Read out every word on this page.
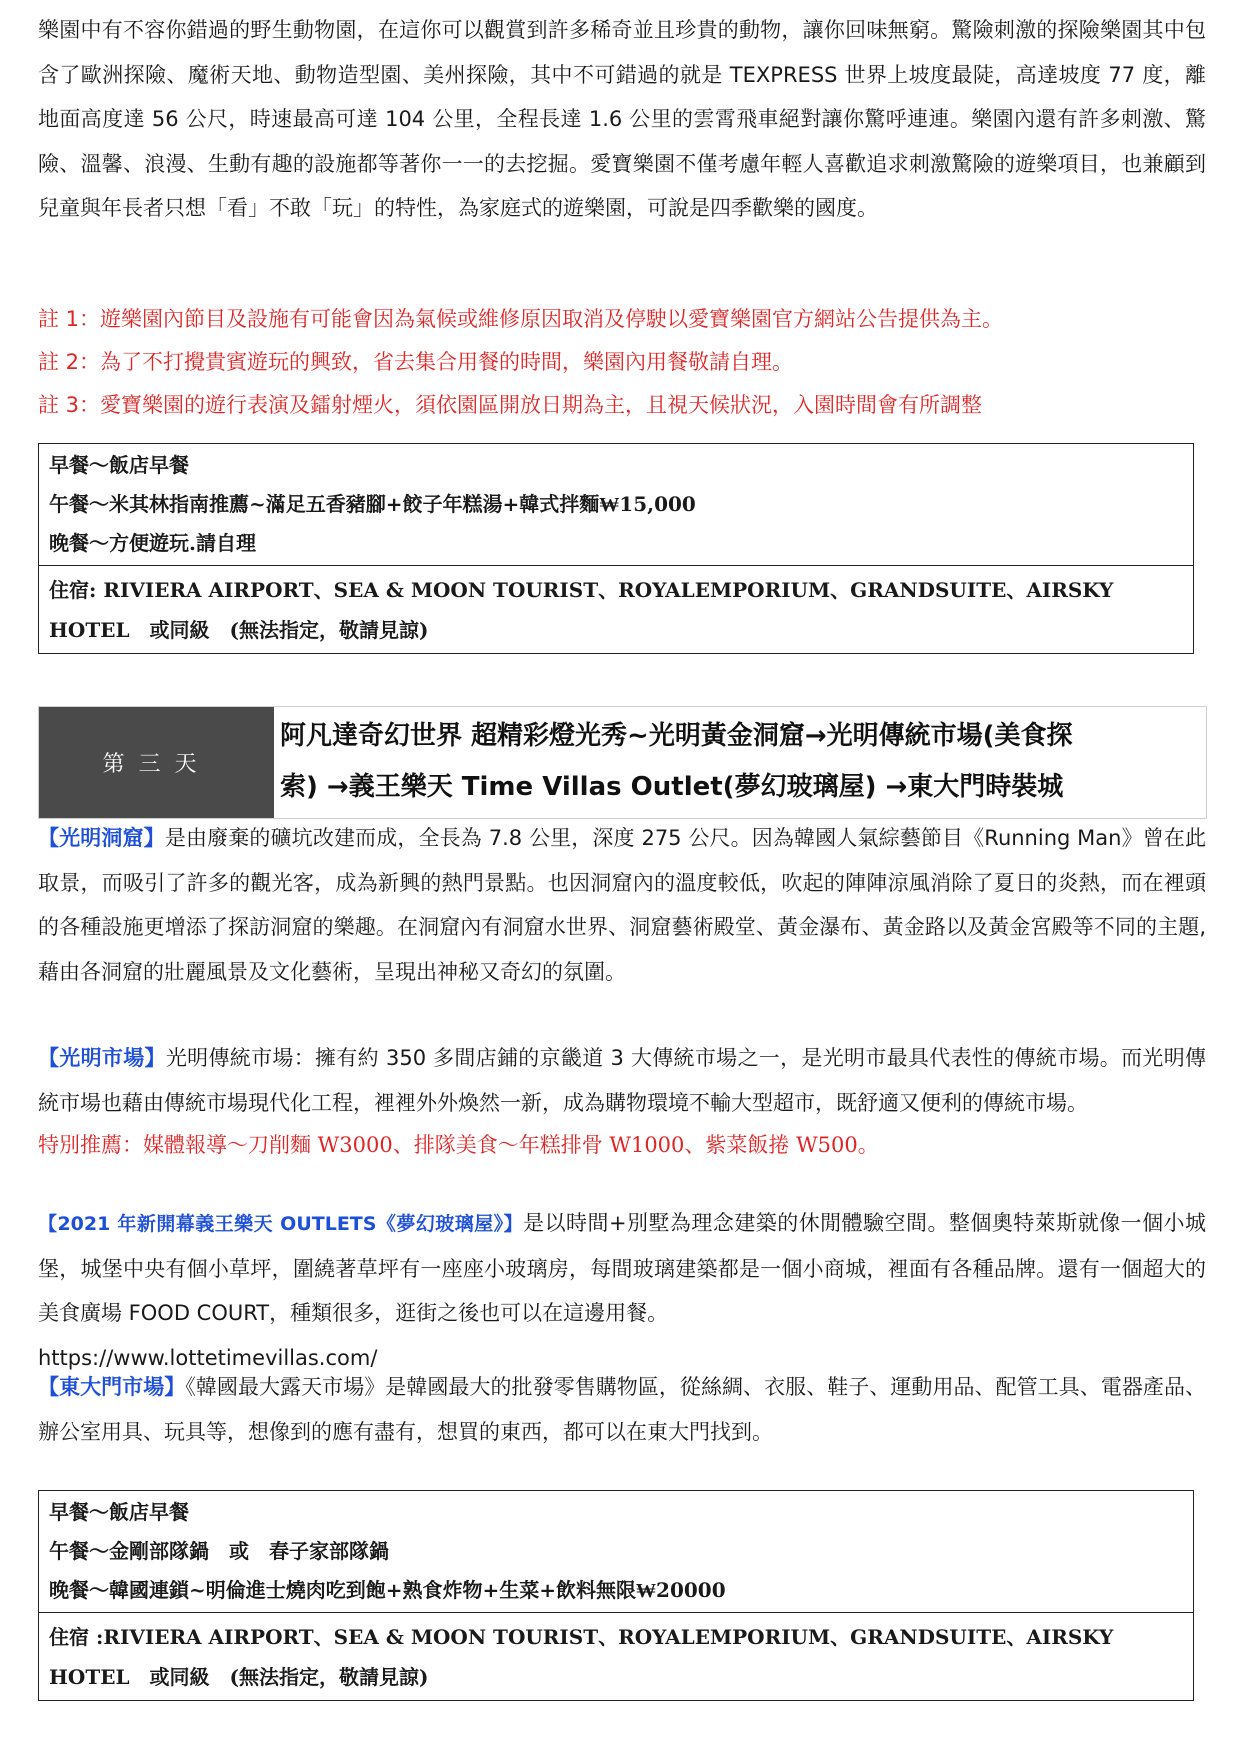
樂園中有不容你錯過的野生動物園，在這你可以觀賞到許多稀奇並且珍貴的動物，讓你回味無窮。驚險刺激的探險樂園其中包含了歐洲探險、魔術天地、動物造型園、美州探險，其中不可錯過的就是 TEXPRESS 世界上坡度最陡，高達坡度 77 度，離地面高度達 56 公尺，時速最高可達 104 公里，全程長達 1.6 公里的雲霄飛車絕對讓你驚呼連連。樂園內還有許多刺激、驚險、溫馨、浪漫、生動有趣的設施都等著你一一的去挖掘。愛寶樂園不僅考慮年輕人喜歡追求刺激驚險的遊樂項目，也兼顧到兒童與年長者只想「看」不敢「玩」的特性，為家庭式的遊樂園，可說是四季歡樂的國度。
註 1：遊樂園內節目及設施有可能會因為氣候或維修原因取消及停駛以愛寶樂園官方網站公告提供為主。
註 2：為了不打攪貴賓遊玩的興致，省去集合用餐的時間，樂園內用餐敬請自理。
註 3：愛寶樂園的遊行表演及鐳射煙火，須依園區開放日期為主，且視天候狀況，入園時間會有所調整
早餐～飯店早餐
午餐～米其林指南推薦~滿足五香豬腳+餃子年糕湯+韓式拌麵₩15,000
晚餐～方便遊玩.請自理
住宿: RIVIERA AIRPORT、SEA & MOON TOURIST、ROYALEMPORIUM、GRANDSUITE、AIRSKY HOTEL　或同級　(無法指定，敬請見諒)
第三天
阿凡達奇幻世界 超精彩燈光秀~光明黃金洞窟→光明傳統市場(美食探
索) →義王樂天 Time Villas Outlet(夢幻玻璃屋) →東大門時裝城
【光明洞窟】是由廢棄的礦坑改建而成，全長為 7.8 公里，深度 275 公尺。因為韓國人氣綜藝節目《Running Man》曾在此取景，而吸引了許多的觀光客，成為新興的熱門景點。也因洞窟內的溫度較低，吹起的陣陣涼風消除了夏日的炎熱，而在裡頭的各種設施更增添了探訪洞窟的樂趣。在洞窟內有洞窟水世界、洞窟藝術殿堂、黃金瀑布、黃金路以及黃金宮殿等不同的主題, 藉由各洞窟的壯麗風景及文化藝術，呈現出神秘又奇幻的氛圍。
【光明市場】光明傳統市場：擁有約 350 多間店鋪的京畿道 3 大傳統市場之一，是光明市最具代表性的傳統市場。而光明傳統市場也藉由傳統市場現代化工程，裡裡外外煥然一新，成為購物環境不輸大型超市，既舒適又便利的傳統市場。
特別推薦：媒體報導～刀削麵 W3000、排隊美食～年糕排骨 W1000、紫菜飯捲 W500。
【2021 年新開幕義王樂天 OUTLETS《夢幻玻璃屋》】是以時間+別墅為理念建築的休閒體驗空間。整個奧特萊斯就像一個小城堡，城堡中央有個小草坪，圍繞著草坪有一座座小玻璃房，每間玻璃建築都是一個小商城，裡面有各種品牌。還有一個超大的美食廣場 FOOD COURT，種類很多，逛街之後也可以在這邊用餐。
https://www.lottetimevillas.com/
【東大門市場】《韓國最大露天市場》是韓國最大的批發零售購物區，從絲綢、衣服、鞋子、運動用品、配管工具、電器產品、辦公室用具、玩具等，想像到的應有盡有，想買的東西，都可以在東大門找到。
早餐～飯店早餐
午餐～金剛部隊鍋　或　春子家部隊鍋
晚餐～韓國連鎖~明倫進士燒肉吃到飽+熟食炸物+生菜+飲料無限₩20000
住宿 :RIVIERA AIRPORT、SEA & MOON TOURIST、ROYALEMPORIUM、GRANDSUITE、AIRSKY HOTEL　或同級　(無法指定，敬請見諒)
